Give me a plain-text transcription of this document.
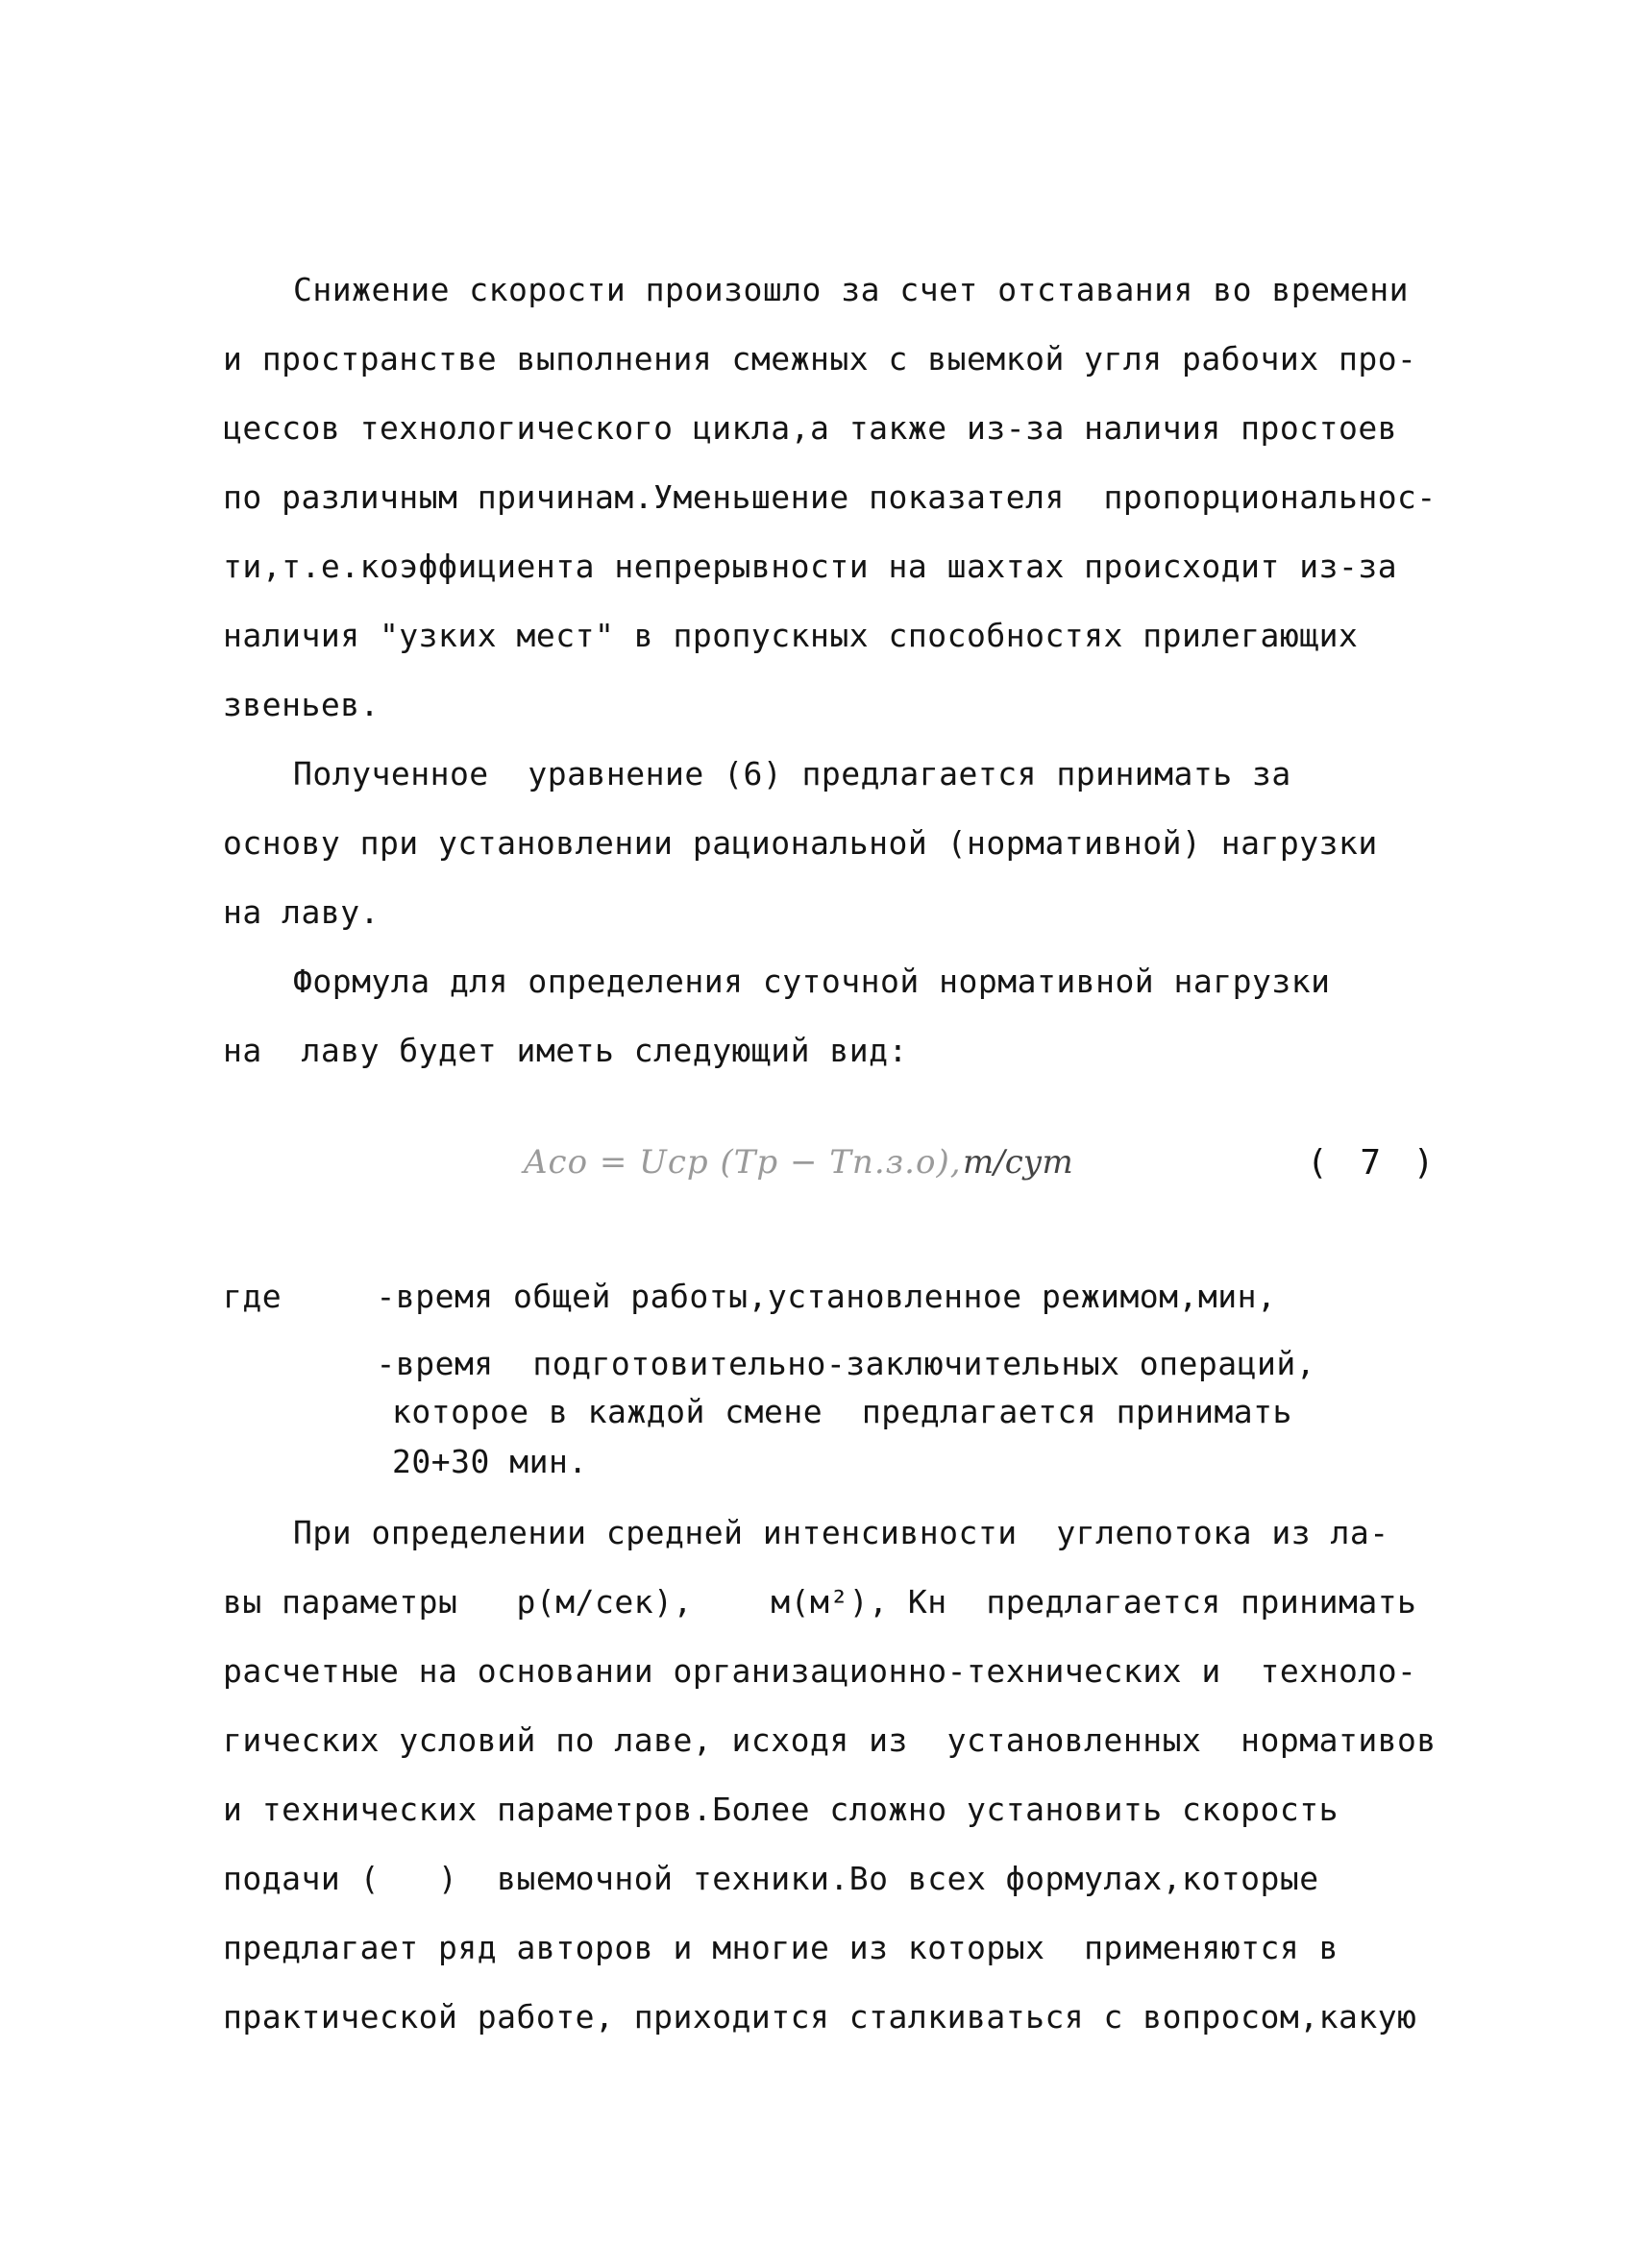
Снижение скорости произошло за счет отставания во времени
и пространстве выполнения смежных с выемкой угля рабочих про-
цессов технологического цикла,а также из-за наличия простоев
по различным причинам.Уменьшение показателя  пропорциональнос-
ти,т.е.коэффициента непрерывности на шахтах происходит из-за
наличия "узких мест" в пропускных способностях прилегающих
звеньев.
Полученное  уравнение (6) предлагается принимать за
основу при установлении рациональной (нормативной) нагрузки
на лаву.
Формула для определения суточной нормативной нагрузки
на  лаву будет иметь следующий вид:
Aсо = Ucр (Тр − Тп.з.о), т/сут	( 7 )
где -время общей работы,установленное режимом,мин,
-время  подготовительно-заключительных операций,
которое в каждой смене  предлагается принимать
20+30 мин.
При определении средней интенсивности  углепотока из ла-
вы параметры   р(м/сек),    м(м²), Кн  предлагается принимать
расчетные на основании организационно-технических и  техноло-
гических условий по лаве, исходя из  установленных  нормативов
и технических параметров.Более сложно установить скорость
подачи (   )  выемочной техники.Во всех формулах,которые
предлагает ряд авторов и многие из которых  применяются в
практической работе, приходится сталкиваться с вопросом,какую
